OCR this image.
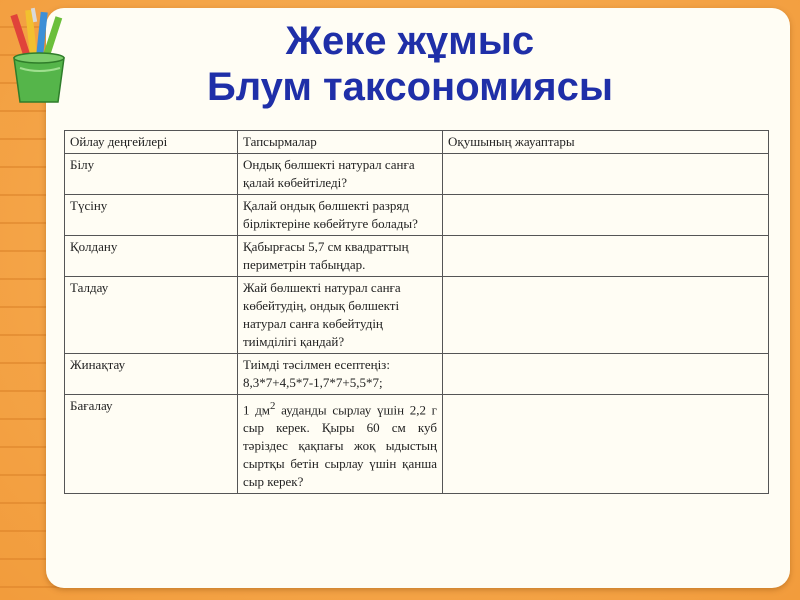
Жеке жұмыс
Блум таксономиясы
Ойлау деңгейлері	Тапсырмалар	Оқушының жауаптары
Білу	Ондық бөлшекті натурал санға қалай көбейтіледі?	
Түсіну	Қалай ондық бөлшекті разряд бірліктеріне көбейтуге болады?	
Қолдану	Қабырғасы 5,7 см квадраттың периметрін табыңдар.	
Талдау	Жай бөлшекті натурал санға көбейтудің, ондық бөлшекті натурал санға көбейтудің тиімділігі қандай?	
Жинақтау	Тиімді тәсілмен есептеңіз: 8,3*7+4,5*7-1,7*7+5,5*7;	
Бағалау	1 $дм^2$ ауданды сырлау үшін 2,2 г сыр керек. Қыры 60 см куб тәріздес қақпағы жоқ ыдыстың сыртқы бетін сырлау үшін қанша сыр керек?	
